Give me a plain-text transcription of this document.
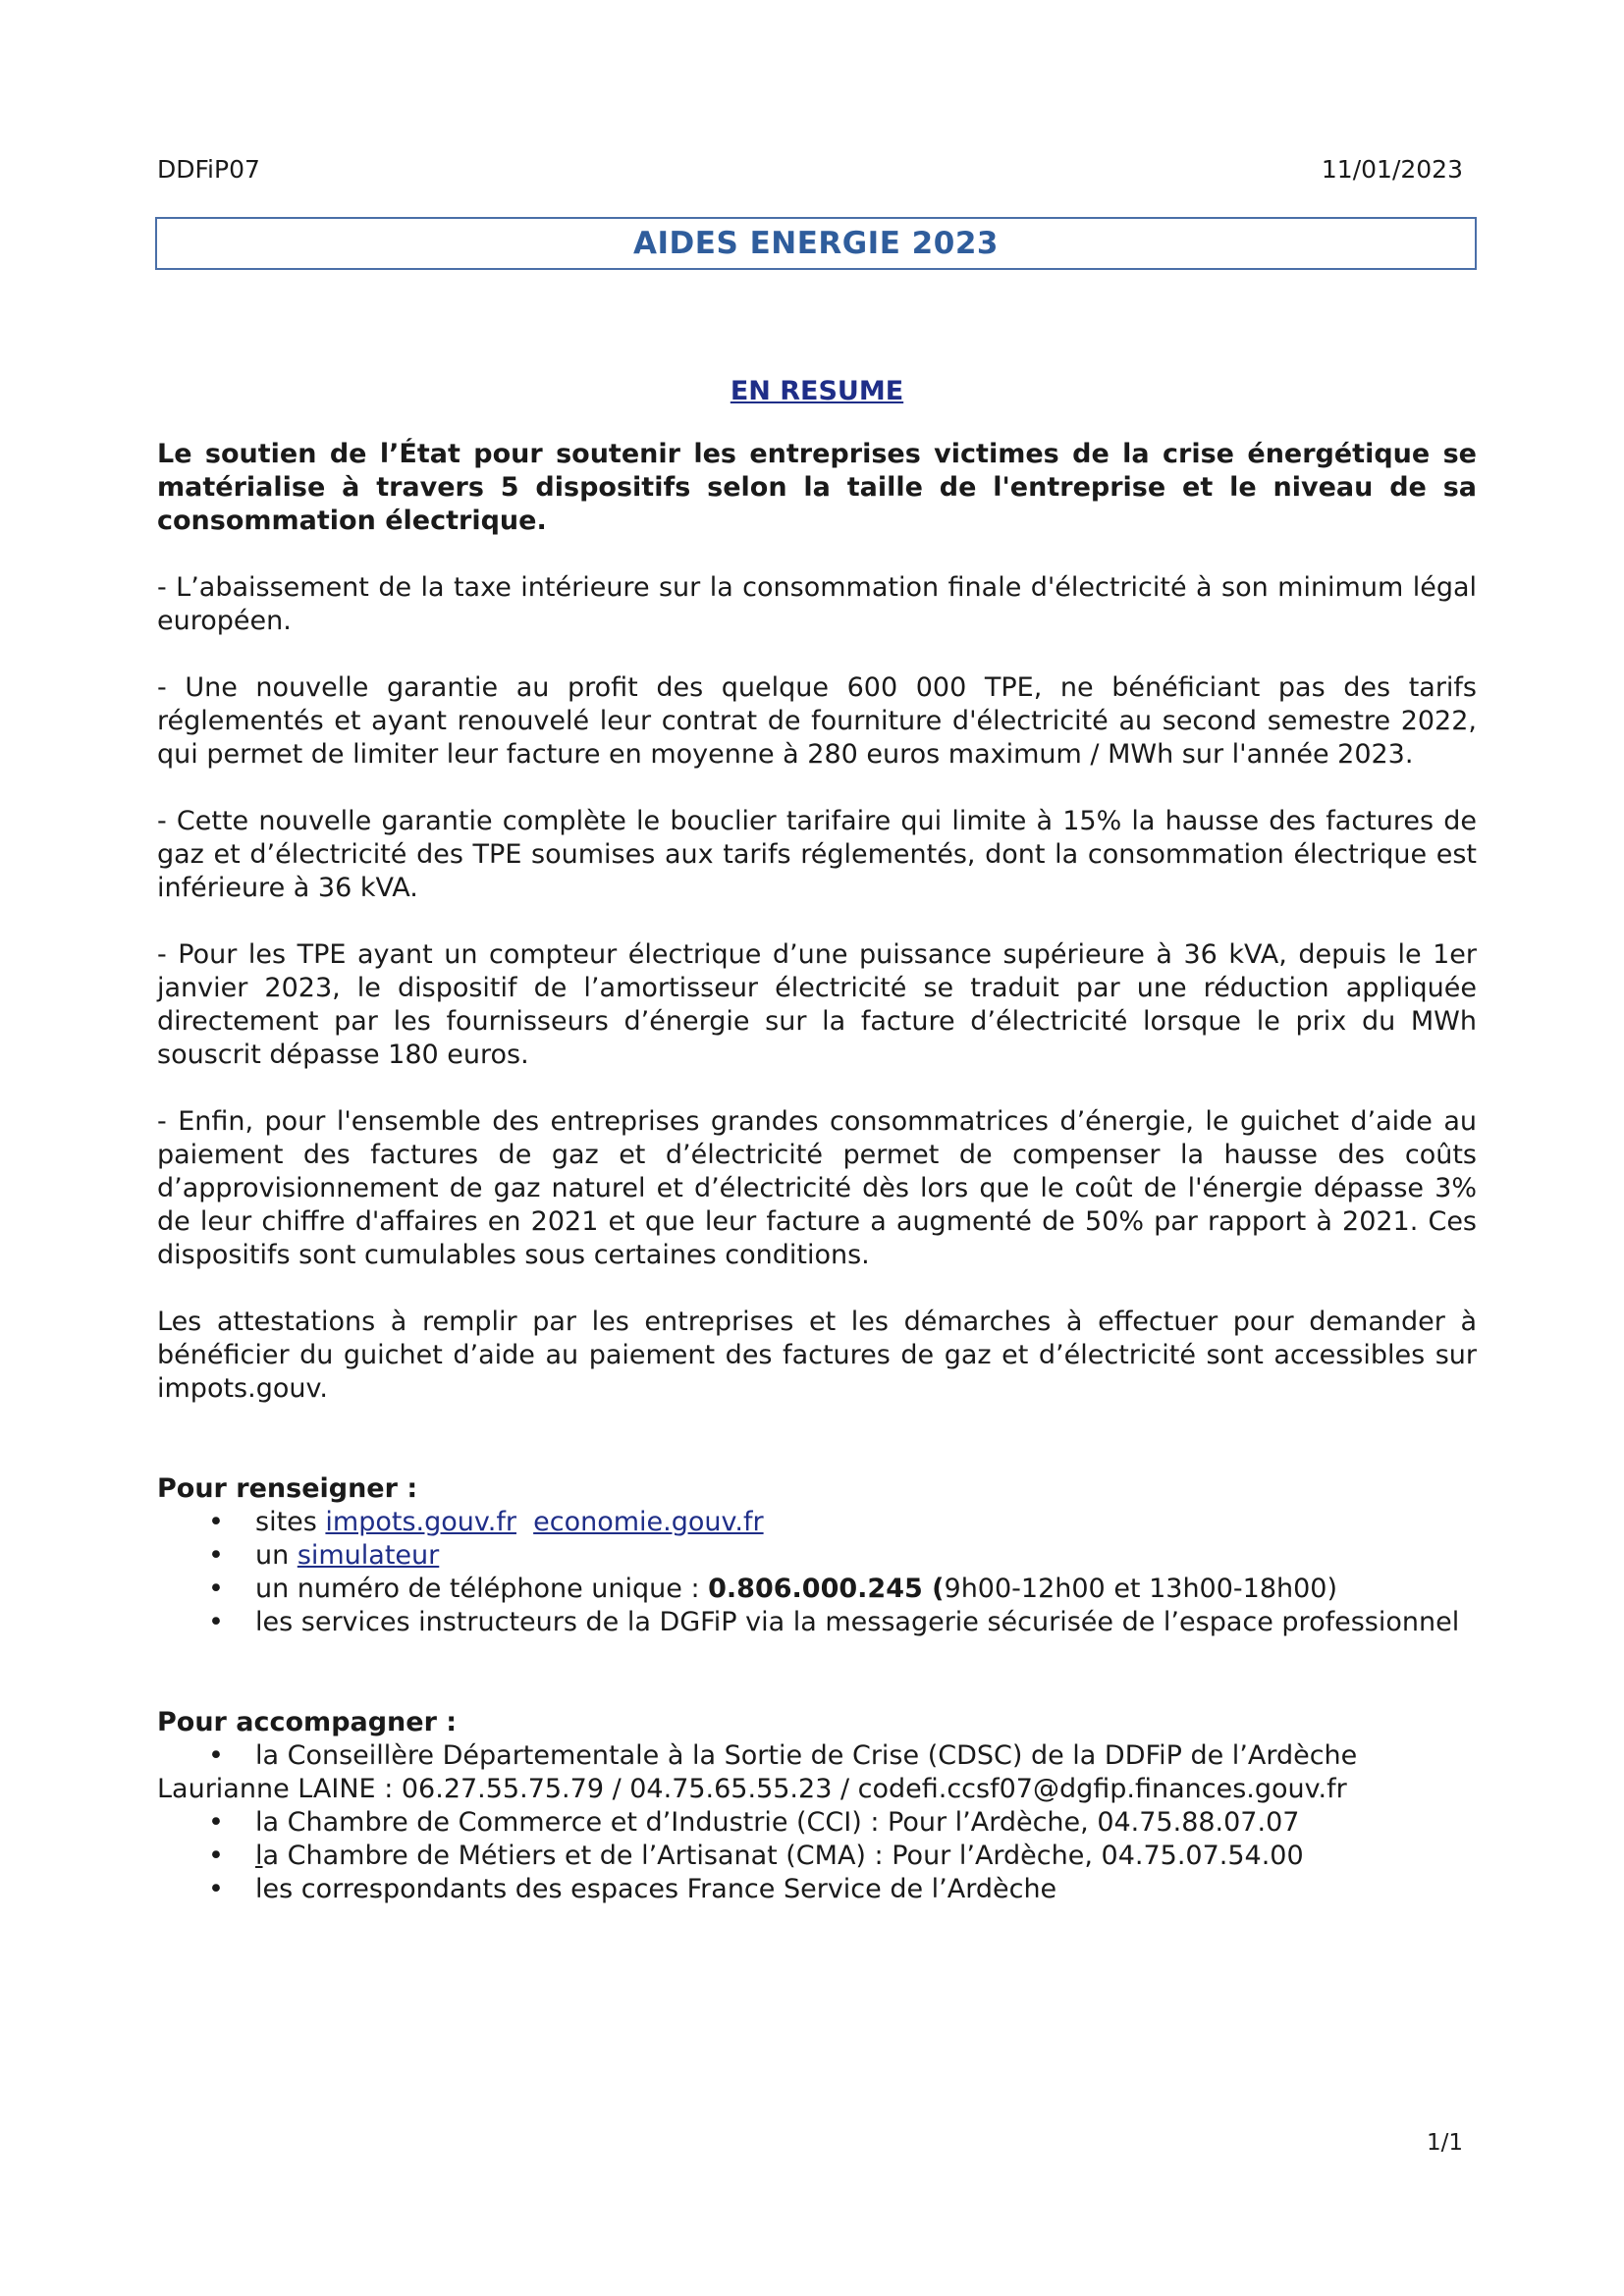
DDFiP07	11/01/2023
AIDES ENERGIE 2023
EN RESUME

Le soutien de l’État pour soutenir les entreprises victimes de la crise énergétique se matérialise à travers 5 dispositifs selon la taille de l'entreprise et le niveau de sa consommation électrique.

- L’abaissement de la taxe intérieure sur la consommation finale d'électricité à son minimum légal européen.

- Une nouvelle garantie au profit des quelque 600 000 TPE, ne bénéficiant pas des tarifs réglementés et ayant renouvelé leur contrat de fourniture d'électricité au second semestre 2022, qui permet de limiter leur facture en moyenne à 280 euros maximum / MWh sur l'année 2023.

- Cette nouvelle garantie complète le bouclier tarifaire qui limite à 15% la hausse des factures de gaz et d’électricité des TPE soumises aux tarifs réglementés, dont la consommation électrique est inférieure à 36 kVA.

- Pour les TPE ayant un compteur électrique d’une puissance supérieure à 36 kVA, depuis le 1er janvier 2023, le dispositif de l’amortisseur électricité se traduit par une réduction appliquée directement par les fournisseurs d’énergie sur la facture d’électricité lorsque le prix du MWh souscrit dépasse 180 euros.

- Enfin, pour l'ensemble des entreprises grandes consommatrices d’énergie, le guichet d’aide au paiement des factures de gaz et d’électricité permet de compenser la hausse des coûts d’approvisionnement de gaz naturel et d’électricité dès lors que le coût de l'énergie dépasse 3% de leur chiffre d'affaires en 2021 et que leur facture a augmenté de 50% par rapport à 2021. Ces dispositifs sont cumulables sous certaines conditions.

Les attestations à remplir par les entreprises et les démarches à effectuer pour demander à bénéficier du guichet d’aide au paiement des factures de gaz et d’électricité sont accessibles sur impots.gouv.

Pour renseigner :
• sites impots.gouv.fr economie.gouv.fr
• un simulateur
• un numéro de téléphone unique : 0.806.000.245 (9h00-12h00 et 13h00-18h00)
• les services instructeurs de la DGFiP via la messagerie sécurisée de l’espace professionnel
Pour accompagner :
• la Conseillère Départementale à la Sortie de Crise (CDSC) de la DDFiP de l’Ardèche
Laurianne LAINE : 06.27.55.75.79 / 04.75.65.55.23 / codefi.ccsf07@dgfip.finances.gouv.fr
• la Chambre de Commerce et d’Industrie (CCI) : Pour l’Ardèche, 04.75.88.07.07
• la Chambre de Métiers et de l’Artisanat (CMA) : Pour l’Ardèche, 04.75.07.54.00
• les correspondants des espaces France Service de l’Ardèche
1/1
